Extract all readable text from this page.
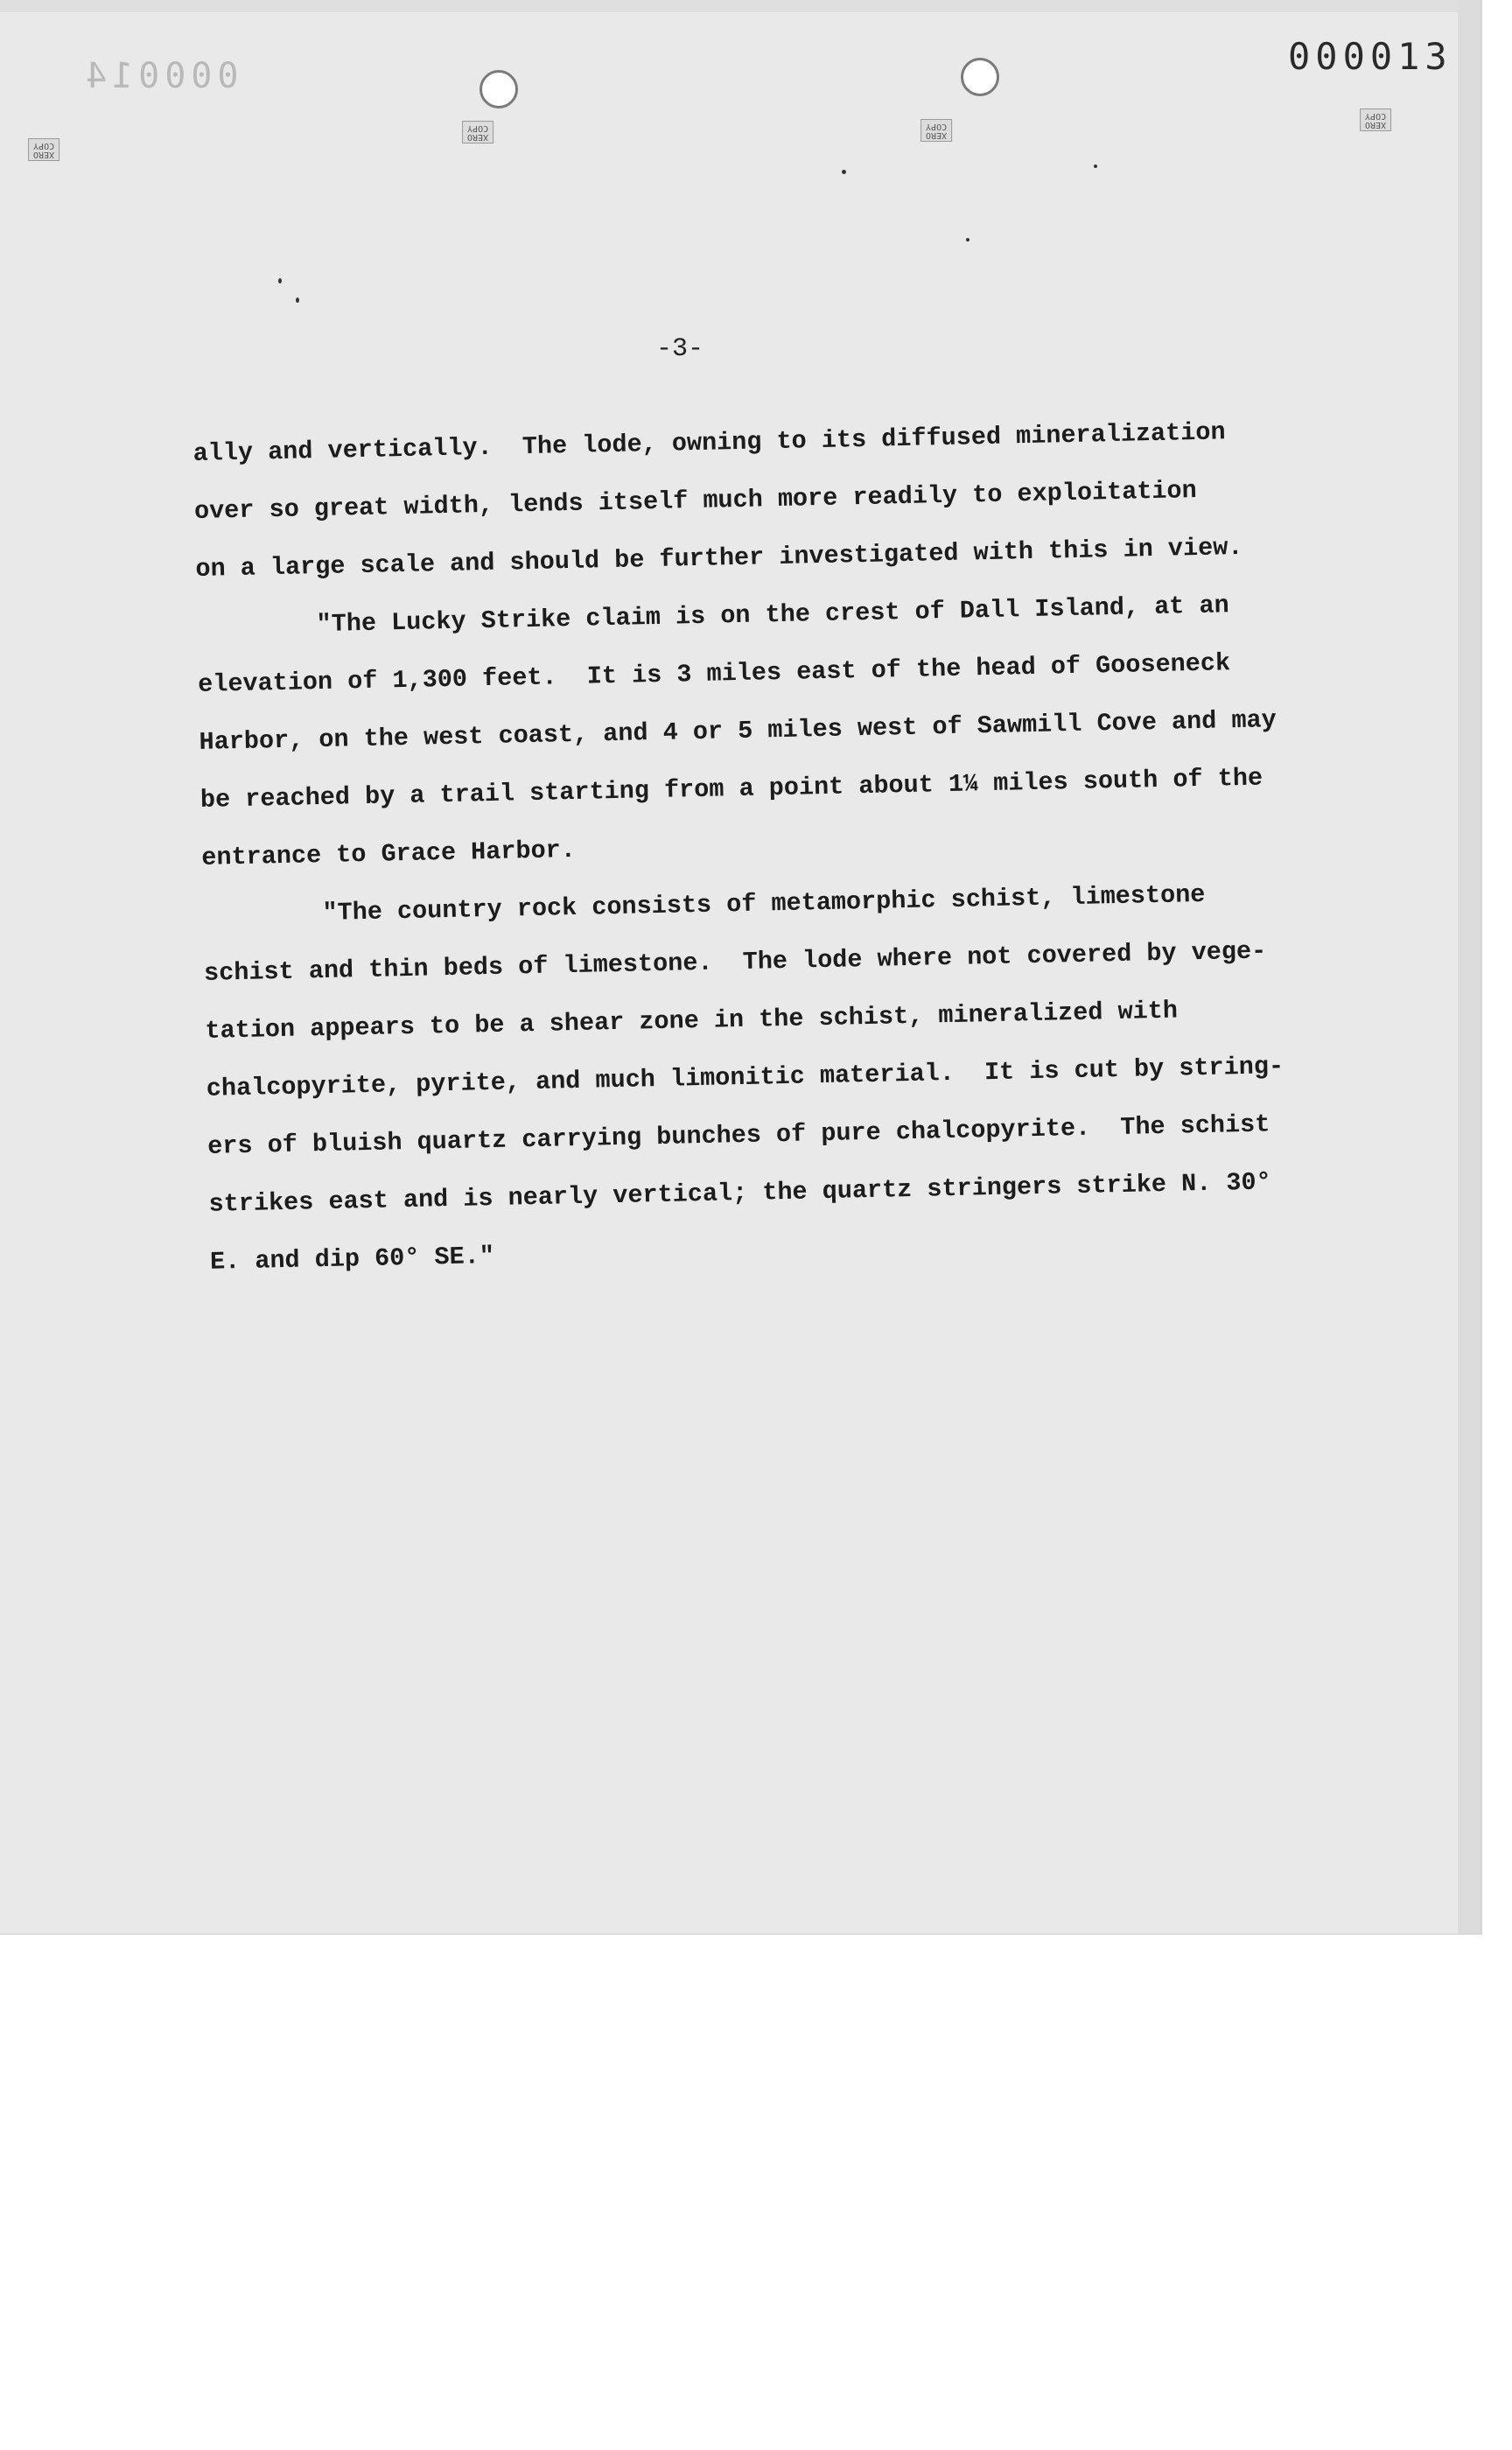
XERO
COPY
XERO
COPY
XERO
COPY	XERO
COPY
000014	000013
-3-
ally and vertically.  The lode, owning to its diffused mineralization
over so great width, lends itself much more readily to exploitation
on a large scale and should be further investigated with this in view.
"The Lucky Strike claim is on the crest of Dall Island, at an
elevation of 1,300 feet.  It is 3 miles east of the head of Gooseneck
Harbor, on the west coast, and 4 or 5 miles west of Sawmill Cove and may
be reached by a trail starting from a point about 1¼ miles south of the
entrance to Grace Harbor.
"The country rock consists of metamorphic schist, limestone
schist and thin beds of limestone.  The lode where not covered by vege-
tation appears to be a shear zone in the schist, mineralized with
chalcopyrite, pyrite, and much limonitic material.  It is cut by string-
ers of bluish quartz carrying bunches of pure chalcopyrite.  The schist
strikes east and is nearly vertical; the quartz stringers strike N. 30°
E. and dip 60° SE."
